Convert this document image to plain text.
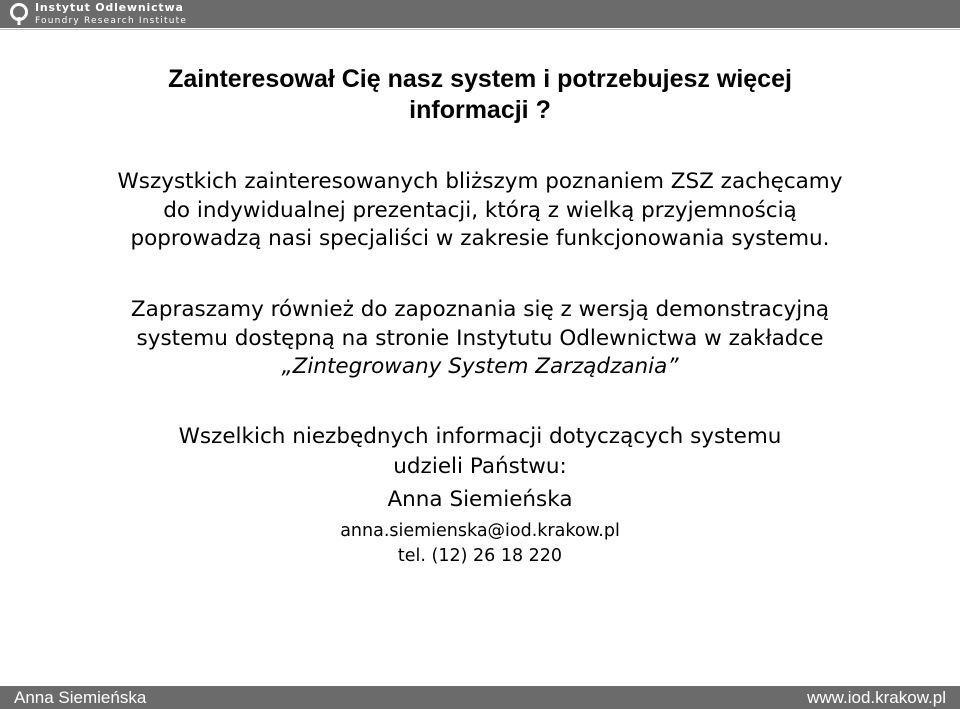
Instytut Odlewnictwa
Foundry Research Institute
Zainteresował Cię nasz system i potrzebujesz więcej
informacji ?

Wszystkich zainteresowanych bliższym poznaniem ZSZ zachęcamy
do indywidualnej prezentacji, którą z wielką przyjemnością
poprowadzą nasi specjaliści w zakresie funkcjonowania systemu.

Zapraszamy również do zapoznania się z wersją demonstracyjną
systemu dostępną na stronie Instytutu Odlewnictwa w zakładce
„Zintegrowany System Zarządzania”

Wszelkich niezbędnych informacji dotyczących systemu
udzieli Państwu:

Anna Siemieńska
anna.siemienska@iod.krakow.pl
tel. (12) 26 18 220
Anna Siemieńska	www.iod.krakow.pl
